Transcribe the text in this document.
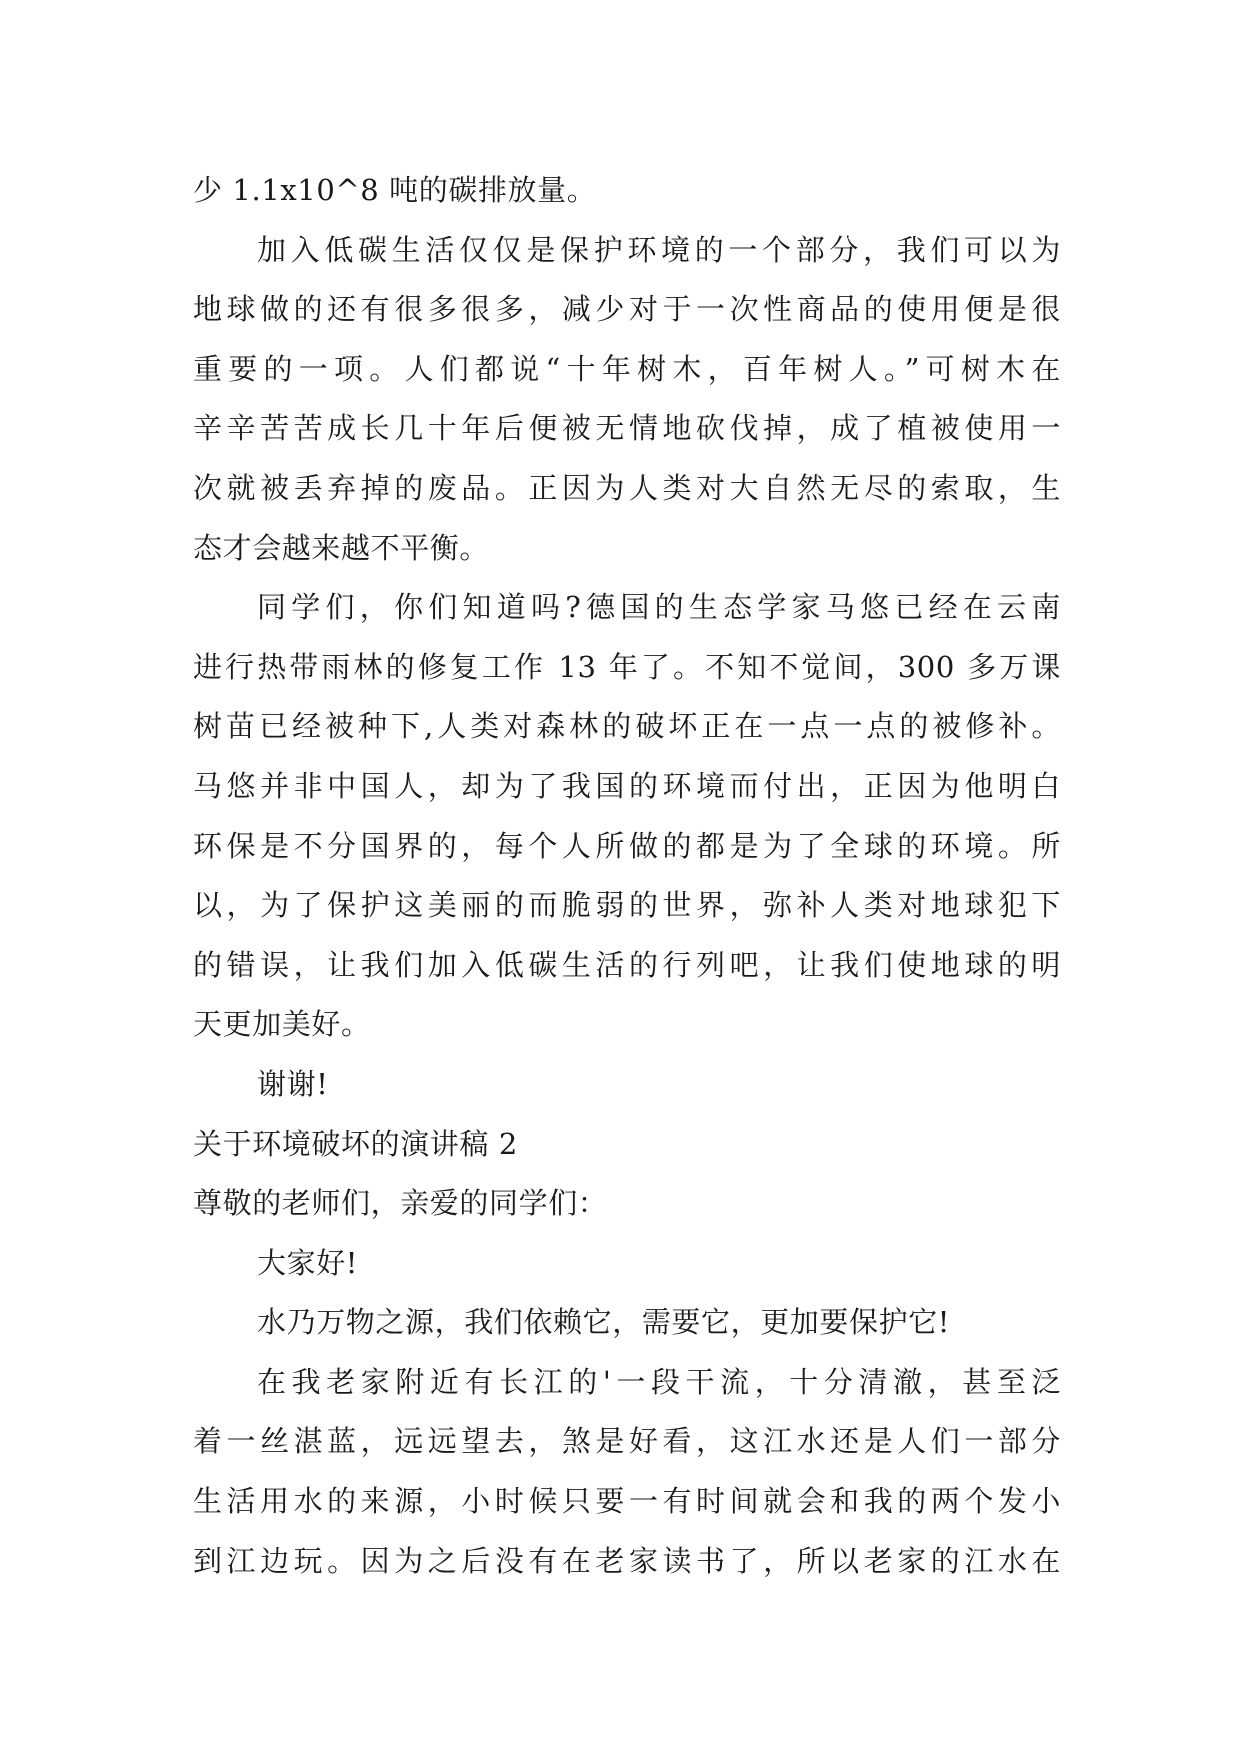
少 1.1x10^8 吨的碳排放量。
加入低碳生活仅仅是保护环境的一个部分，我们可以为
地球做的还有很多很多，减少对于一次性商品的使用便是很
重要的一项。人们都说“十年树木，百年树人。”可树木在
辛辛苦苦成长几十年后便被无情地砍伐掉，成了植被使用一
次就被丢弃掉的废品。正因为人类对大自然无尽的索取，生
态才会越来越不平衡。
同学们，你们知道吗?德国的生态学家马悠已经在云南
进行热带雨林的修复工作 13 年了。不知不觉间，300 多万课
树苗已经被种下,人类对森林的破坏正在一点一点的被修补。
马悠并非中国人，却为了我国的环境而付出，正因为他明白
环保是不分国界的，每个人所做的都是为了全球的环境。所
以，为了保护这美丽的而脆弱的世界，弥补人类对地球犯下
的错误，让我们加入低碳生活的行列吧，让我们使地球的明
天更加美好。
谢谢!
关于环境破坏的演讲稿 2
尊敬的老师们，亲爱的同学们：
大家好!
水乃万物之源，我们依赖它，需要它，更加要保护它!
在我老家附近有长江的'一段干流，十分清澈，甚至泛
着一丝湛蓝，远远望去，煞是好看，这江水还是人们一部分
生活用水的来源，小时候只要一有时间就会和我的两个发小
到江边玩。因为之后没有在老家读书了，所以老家的江水在
